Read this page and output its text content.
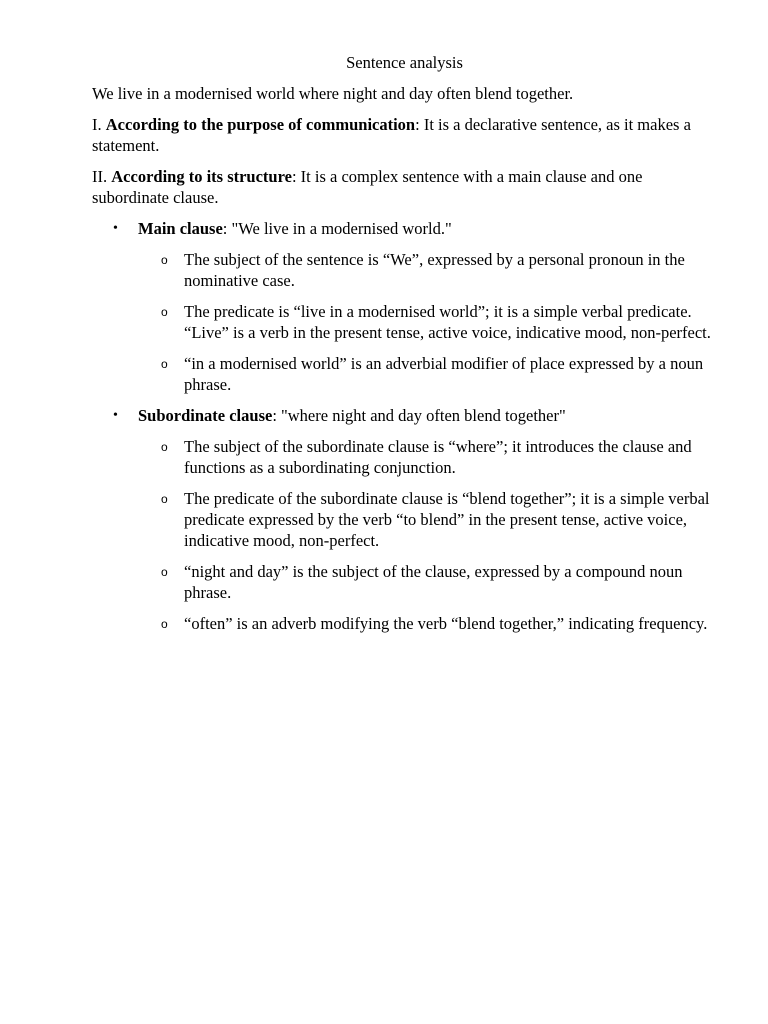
Sentence analysis
We live in a modernised world where night and day often blend together.
I. According to the purpose of communication: It is a declarative sentence, as it makes a statement.
II. According to its structure: It is a complex sentence with a main clause and one subordinate clause.
• Main clause: "We live in a modernised world."
o The subject of the sentence is “We”, expressed by a personal pronoun in the nominative case.
o The predicate is “live in a modernised world”; it is a simple verbal predicate. “Live” is a verb in the present tense, active voice, indicative mood, non-perfect.
o “in a modernised world” is an adverbial modifier of place expressed by a noun phrase.
• Subordinate clause: "where night and day often blend together"
o The subject of the subordinate clause is “where”; it introduces the clause and functions as a subordinating conjunction.
o The predicate of the subordinate clause is “blend together”; it is a simple verbal predicate expressed by the verb “to blend” in the present tense, active voice, indicative mood, non-perfect.
o “night and day” is the subject of the clause, expressed by a compound noun phrase.
o “often” is an adverb modifying the verb “blend together,” indicating frequency.
